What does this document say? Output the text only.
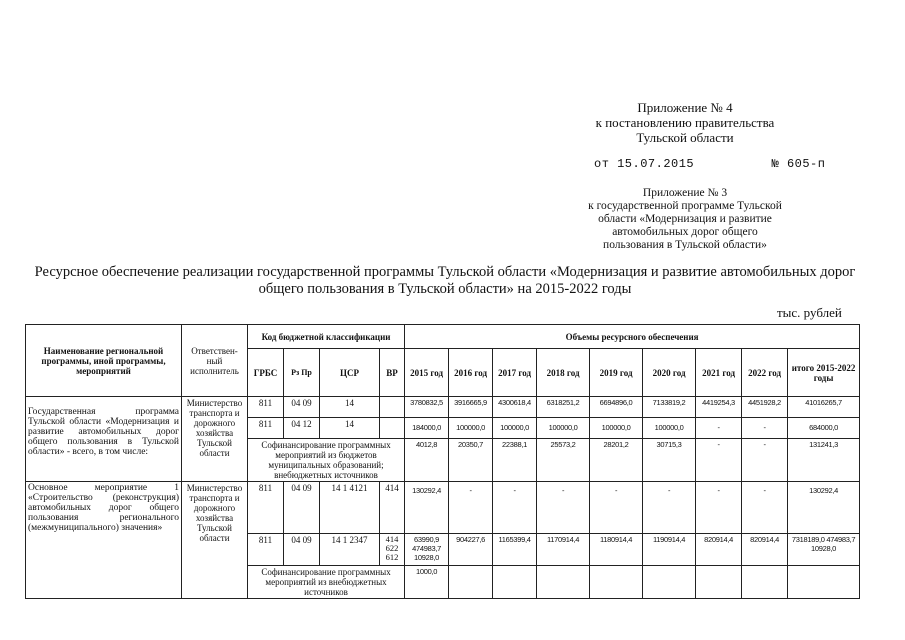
Приложение № 4
к постановлению правительства
Тульской области
от 15.07.2015	№ 605-п
Приложение № 3
к государственной программе Тульской
области «Модернизация и развитие
автомобильных дорог общего
пользования в Тульской области»
Ресурсное обеспечение реализации государственной программы Тульской области «Модернизация и развитие автомобильных дорог общего пользования в Тульской области» на 2015-2022 годы
тыс. рублей
Наименование региональной программы, иной программы, мероприятий	Ответствен-ный исполнитель	Код бюджетной классификации				Объемы ресурсного обеспечения								
		ГРБС	Рз Пр	ЦСР	ВР	2015 год	2016 год	2017 год	2018 год	2019 год	2020 год	2021 год	2022 год	итого 2015-2022 годы
Государственная программа Тульской области «Модернизация и развитие автомобильных дорог общего пользования в Тульской области» - всего, в том числе:	Министерство транспорта и дорожного хозяйства Тульской области	811	04 09	14		3780832,5	3916665,9	4300618,4	6318251,2	6694896,0	7133819,2	4419254,3	4451928,2	41016265,7
		811	04 12	14		184000,0	100000,0	100000,0	100000,0	100000,0	100000,0	-	-	684000,0
		Софинансирование программных мероприятий из бюджетов муниципальных образований; внебюджетных источников				4012,8	20350,7	22388,1	25573,2	28201,2	30715,3	-	-	131241,3
Основное мероприятие 1 «Строительство (реконструкция) автомобильных дорог общего пользования регионального (межмуниципального) значения»	Министерство транспорта и дорожного хозяйства Тульской области	811	04 09	14 1 4121	414	130292,4	-	-	-	-	-	-	-	130292,4
		811	04 09	14 1 2347	414 622 612	63990,9 474983,7 10928,0	904227,6	1165399,4	1170914,4	1180914,4	1190914,4	820914,4	820914,4	7318189,0 474983,7 10928,0
		Софинансирование программных мероприятий из внебюджетных источников				1000,0								
